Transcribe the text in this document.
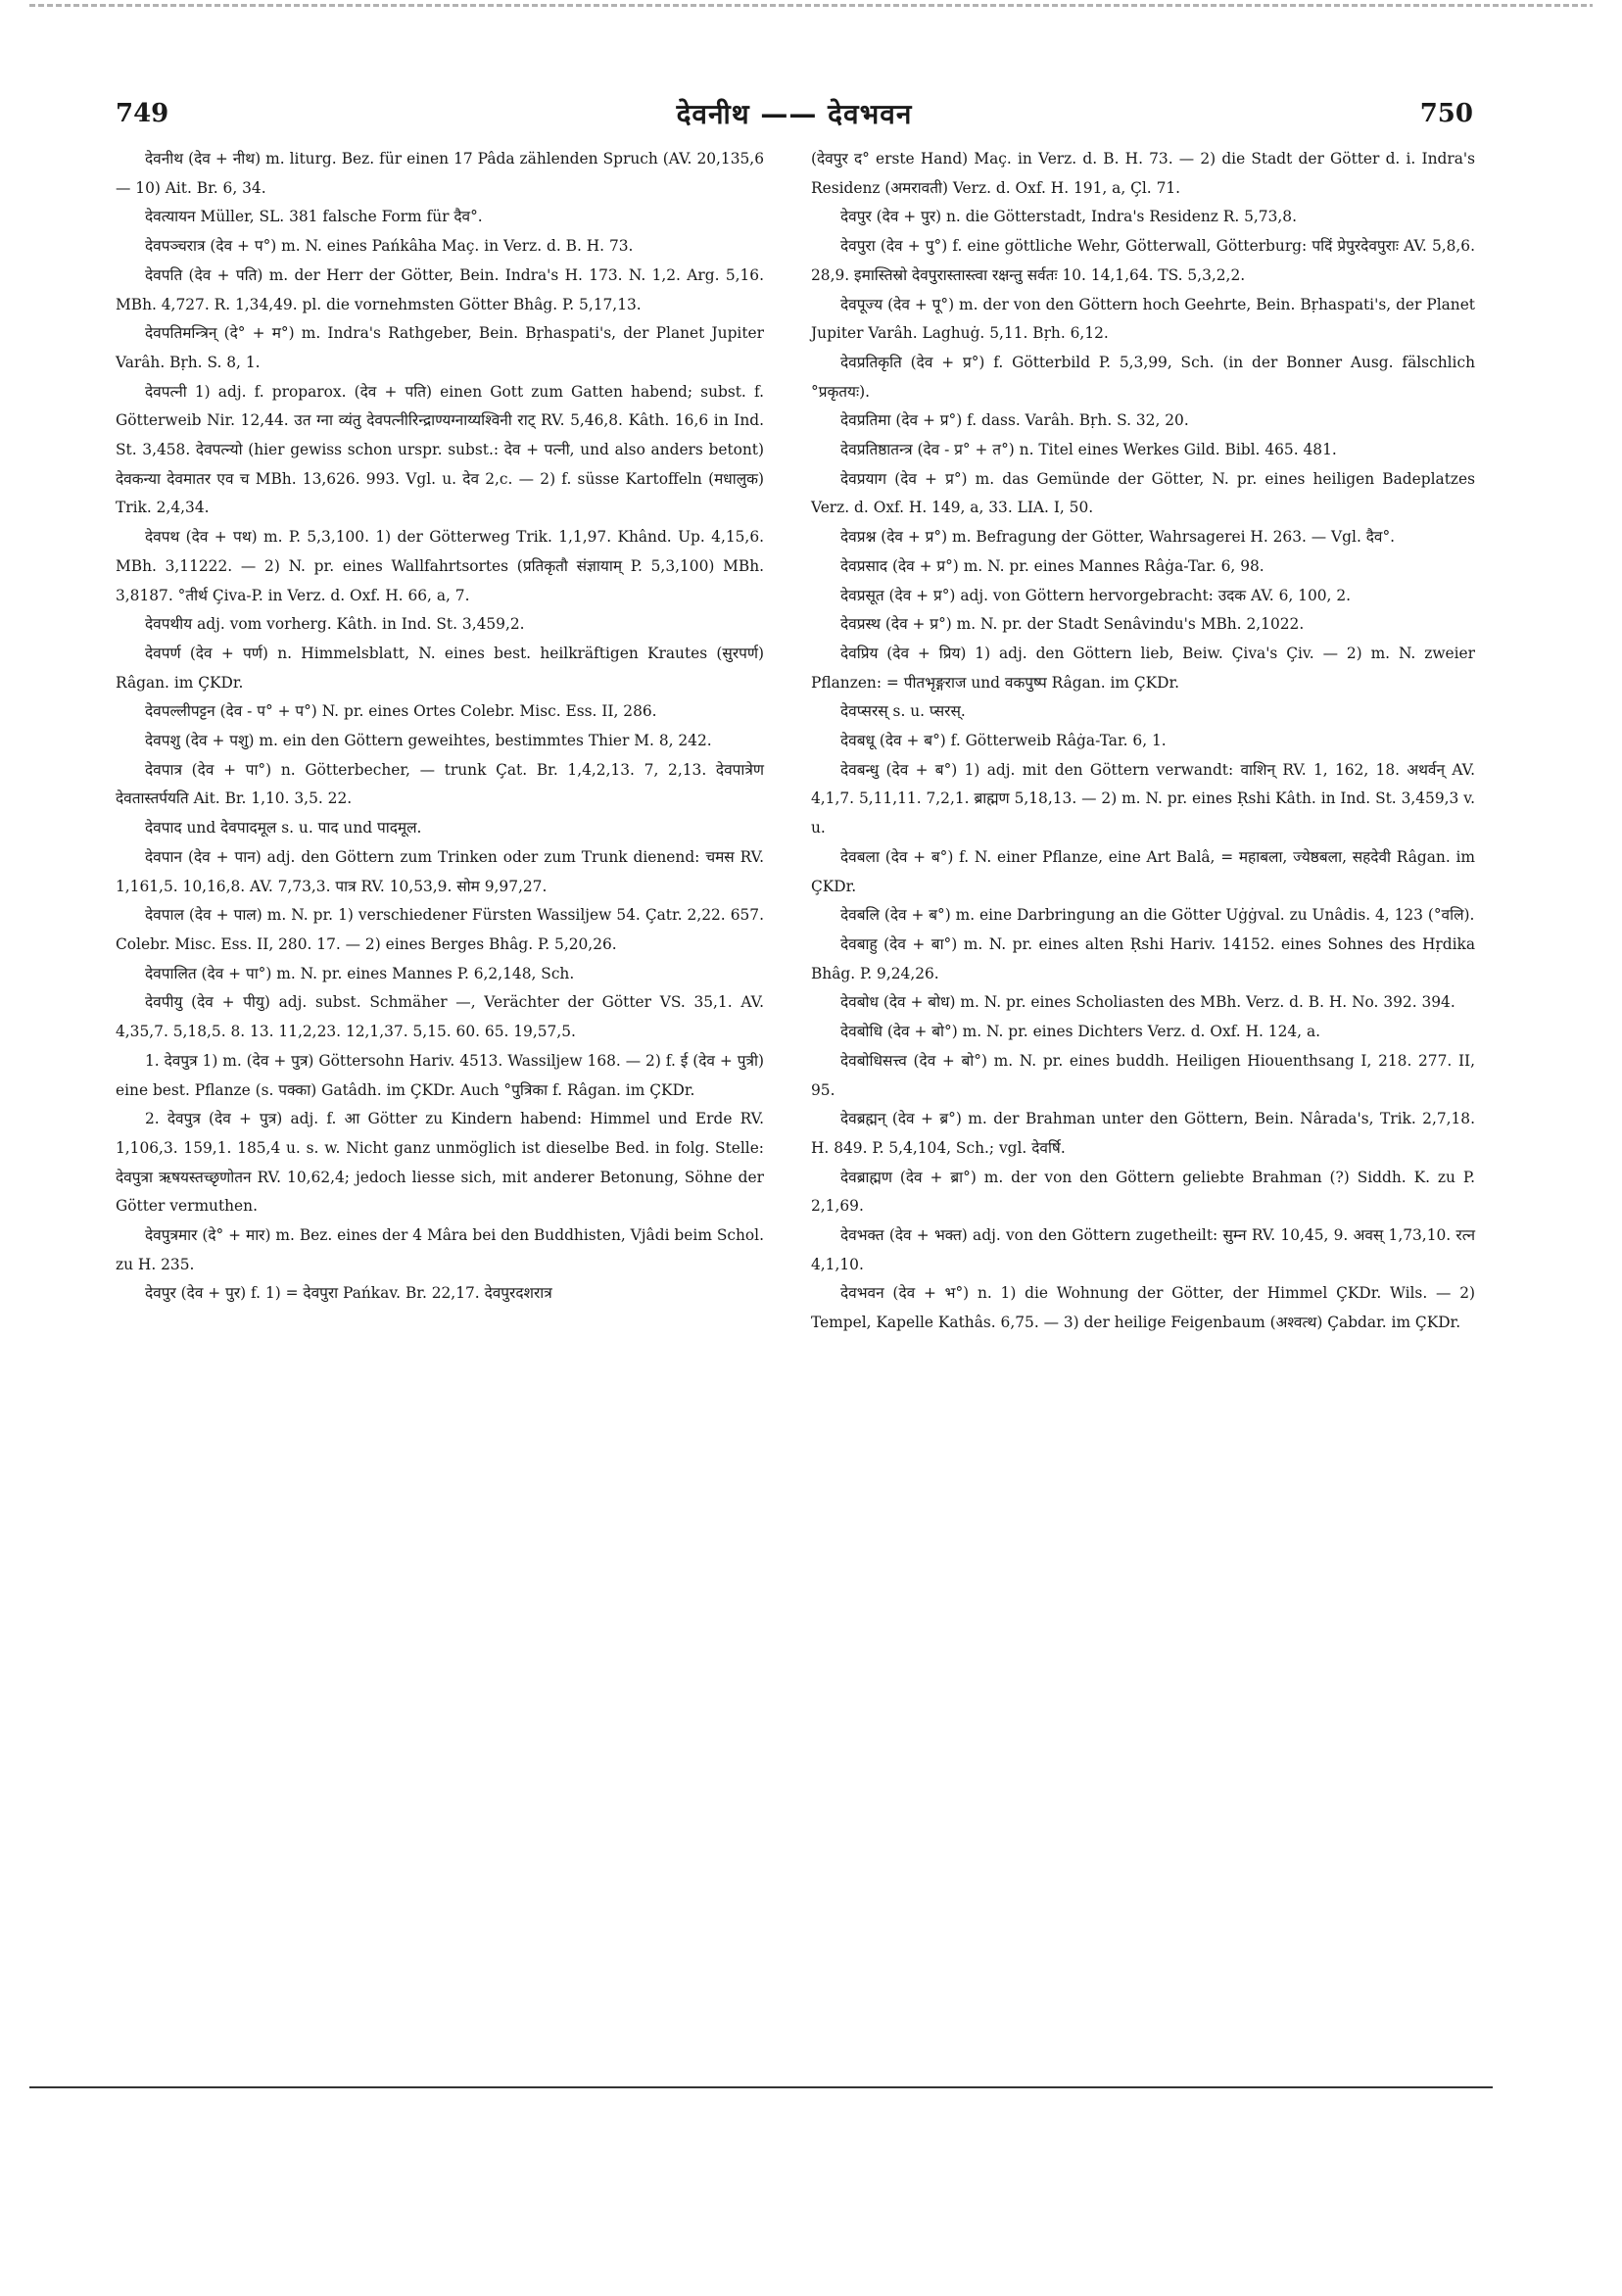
749	देवनीथ —— देवभवन	750

देवनीथ (देव + नीथ) m. liturg. Bez. für einen 17 Pâda zählenden Spruch (AV. 20,135,6 — 10) Ait. Br. 6, 34.

देवत्यायन Müller, SL. 381 falsche Form für दैव°.

देवपञ्चरात्र (देव + प°) m. N. eines Pańkâha Maç. in Verz. d. B. H. 73.

देवपति (देव + पति) m. der Herr der Götter, Bein. Indra's H. 173. N. 1,2. Arg. 5,16. MBh. 4,727. R. 1,34,49. pl. die vornehmsten Götter Bhâg. P. 5,17,13.

देवपतिमन्त्रिन् (दे° + म°) m. Indra's Rathgeber, Bein. Bṛhaspati's, der Planet Jupiter Varâh. Bṛh. S. 8, 1.

देवपत्नी 1) adj. f. proparox. (देव + पति) einen Gott zum Gatten habend; subst. f. Götterweib Nir. 12,44. उत ग्ना व्यंतु देवपत्नीरिन्द्राण्यग्नाय्यश्विनी राट् RV. 5,46,8. Kâth. 16,6 in Ind. St. 3,458. देवपत्न्यो (hier gewiss schon urspr. subst.: देव + पत्नी, und also anders betont) देवकन्या देवमातर एव च MBh. 13,626. 993. Vgl. u. देव 2,c. — 2) f. süsse Kartoffeln (मधालुक) Trik. 2,4,34.

देवपथ (देव + पथ) m. P. 5,3,100. 1) der Götterweg Trik. 1,1,97. Khând. Up. 4,15,6. MBh. 3,11222. — 2) N. pr. eines Wallfahrtsortes (प्रतिकृतौ संज्ञायाम् P. 5,3,100) MBh. 3,8187. °तीर्थ Çiva-P. in Verz. d. Oxf. H. 66, a, 7.

देवपथीय adj. vom vorherg. Kâth. in Ind. St. 3,459,2.

देवपर्ण (देव + पर्ण) n. Himmelsblatt, N. eines best. heilkräftigen Krautes (सुरपर्ण) Râgan. im ÇKDr.

देवपल्लीपट्टन (देव - प° + प°) N. pr. eines Ortes Colebr. Misc. Ess. II, 286.

देवपशु (देव + पशु) m. ein den Göttern geweihtes, bestimmtes Thier M. 8, 242.

देवपात्र (देव + पा°) n. Götterbecher, — trunk Çat. Br. 1,4,2,13. 7, 2,13. देवपात्रेण देवतास्तर्पयति Ait. Br. 1,10. 3,5. 22.

देवपाद und देवपादमूल s. u. पाद und पादमूल.

देवपान (देव + पान) adj. den Göttern zum Trinken oder zum Trunk dienend: चमस RV. 1,161,5. 10,16,8. AV. 7,73,3. पात्र RV. 10,53,9. सोम 9,97,27.

देवपाल (देव + पाल) m. N. pr. 1) verschiedener Fürsten Wassiljew 54. Çatr. 2,22. 657. Colebr. Misc. Ess. II, 280. 17. — 2) eines Berges Bhâg. P. 5,20,26.

देवपालित (देव + पा°) m. N. pr. eines Mannes P. 6,2,148, Sch.

देवपीयु (देव + पीयु) adj. subst. Schmäher —, Verächter der Götter VS. 35,1. AV. 4,35,7. 5,18,5. 8. 13. 11,2,23. 12,1,37. 5,15. 60. 65. 19,57,5.

1. देवपुत्र 1) m. (देव + पुत्र) Göttersohn Hariv. 4513. Wassiljew 168. — 2) f. ई (देव + पुत्री) eine best. Pflanze (s. पक्का) Gatâdh. im ÇKDr. Auch °पुत्रिका f. Râgan. im ÇKDr.

2. देवपुत्र (देव + पुत्र) adj. f. आ Götter zu Kindern habend: Himmel und Erde RV. 1,106,3. 159,1. 185,4 u. s. w. Nicht ganz unmöglich ist dieselbe Bed. in folg. Stelle: देवपुत्रा ऋषयस्तच्छृणोतन RV. 10,62,4; jedoch liesse sich, mit anderer Betonung, Söhne der Götter vermuthen.

देवपुत्रमार (दे° + मार) m. Bez. eines der 4 Mâra bei den Buddhisten, Vjâdi beim Schol. zu H. 235.

देवपुर (देव + पुर) f. 1) = देवपुरा Pańkav. Br. 22,17. देवपुरदशरात्र

(देवपुर द° erste Hand) Maç. in Verz. d. B. H. 73. — 2) die Stadt der Götter d. i. Indra's Residenz (अमरावती) Verz. d. Oxf. H. 191, a, Çl. 71.

देवपुर (देव + पुर) n. die Götterstadt, Indra's Residenz R. 5,73,8.

देवपुरा (देव + पु°) f. eine göttliche Wehr, Götterwall, Götterburg: पदिं प्रेपुरदेवपुराः AV. 5,8,6. 28,9. इमास्तिस्रो देवपुरास्तास्त्वा रक्षन्तु सर्वतः 10. 14,1,64. TS. 5,3,2,2.

देवपूज्य (देव + पू°) m. der von den Göttern hoch Geehrte, Bein. Bṛhaspati's, der Planet Jupiter Varâh. Laghuġ. 5,11. Bṛh. 6,12.

देवप्रतिकृति (देव + प्र°) f. Götterbild P. 5,3,99, Sch. (in der Bonner Ausg. fälschlich °प्रकृतयः).

देवप्रतिमा (देव + प्र°) f. dass. Varâh. Bṛh. S. 32, 20.

देवप्रतिष्ठातन्त्र (देव - प्र° + त°) n. Titel eines Werkes Gild. Bibl. 465. 481.

देवप्रयाग (देव + प्र°) m. das Gemünde der Götter, N. pr. eines heiligen Badeplatzes Verz. d. Oxf. H. 149, a, 33. LIA. I, 50.

देवप्रश्न (देव + प्र°) m. Befragung der Götter, Wahrsagerei H. 263. — Vgl. दैव°.

देवप्रसाद (देव + प्र°) m. N. pr. eines Mannes Râġa-Tar. 6, 98.

देवप्रसूत (देव + प्र°) adj. von Göttern hervorgebracht: उदक AV. 6, 100, 2.

देवप्रस्थ (देव + प्र°) m. N. pr. der Stadt Senâvindu's MBh. 2,1022.

देवप्रिय (देव + प्रिय) 1) adj. den Göttern lieb, Beiw. Çiva's Çiv. — 2) m. N. zweier Pflanzen: = पीतभृङ्गराज und वकपुष्प Râgan. im ÇKDr.

देवप्सरस् s. u. प्सरस्.

देवबधू (देव + ब°) f. Götterweib Râġa-Tar. 6, 1.

देवबन्धु (देव + ब°) 1) adj. mit den Göttern verwandt: वाशिन् RV. 1, 162, 18. अथर्वन् AV. 4,1,7. 5,11,11. 7,2,1. ब्राह्मण 5,18,13. — 2) m. N. pr. eines Ṛshi Kâth. in Ind. St. 3,459,3 v. u.

देवबला (देव + ब°) f. N. einer Pflanze, eine Art Balâ, = महाबला, ज्येष्ठबला, सहदेवी Râgan. im ÇKDr.

देवबलि (देव + ब°) m. eine Darbringung an die Götter Uġġval. zu Unâdis. 4, 123 (°वलि).

देवबाहु (देव + बा°) m. N. pr. eines alten Ṛshi Hariv. 14152. eines Sohnes des Hṛdika Bhâg. P. 9,24,26.

देवबोध (देव + बोध) m. N. pr. eines Scholiasten des MBh. Verz. d. B. H. No. 392. 394.

देवबोधि (देव + बो°) m. N. pr. eines Dichters Verz. d. Oxf. H. 124, a.

देवबोधिसत्त्व (देव + बो°) m. N. pr. eines buddh. Heiligen Hiouenthsang I, 218. 277. II, 95.

देवब्रह्मन् (देव + ब्र°) m. der Brahman unter den Göttern, Bein. Nârada's, Trik. 2,7,18. H. 849. P. 5,4,104, Sch.; vgl. देवर्षि.

देवब्राह्मण (देव + ब्रा°) m. der von den Göttern geliebte Brahman (?) Siddh. K. zu P. 2,1,69.

देवभक्त (देव + भक्त) adj. von den Göttern zugetheilt: सुम्न RV. 10,45, 9. अवस् 1,73,10. रत्न 4,1,10.

देवभवन (देव + भ°) n. 1) die Wohnung der Götter, der Himmel ÇKDr. Wils. — 2) Tempel, Kapelle Kathâs. 6,75. — 3) der heilige Feigenbaum (अश्वत्थ) Çabdar. im ÇKDr.
